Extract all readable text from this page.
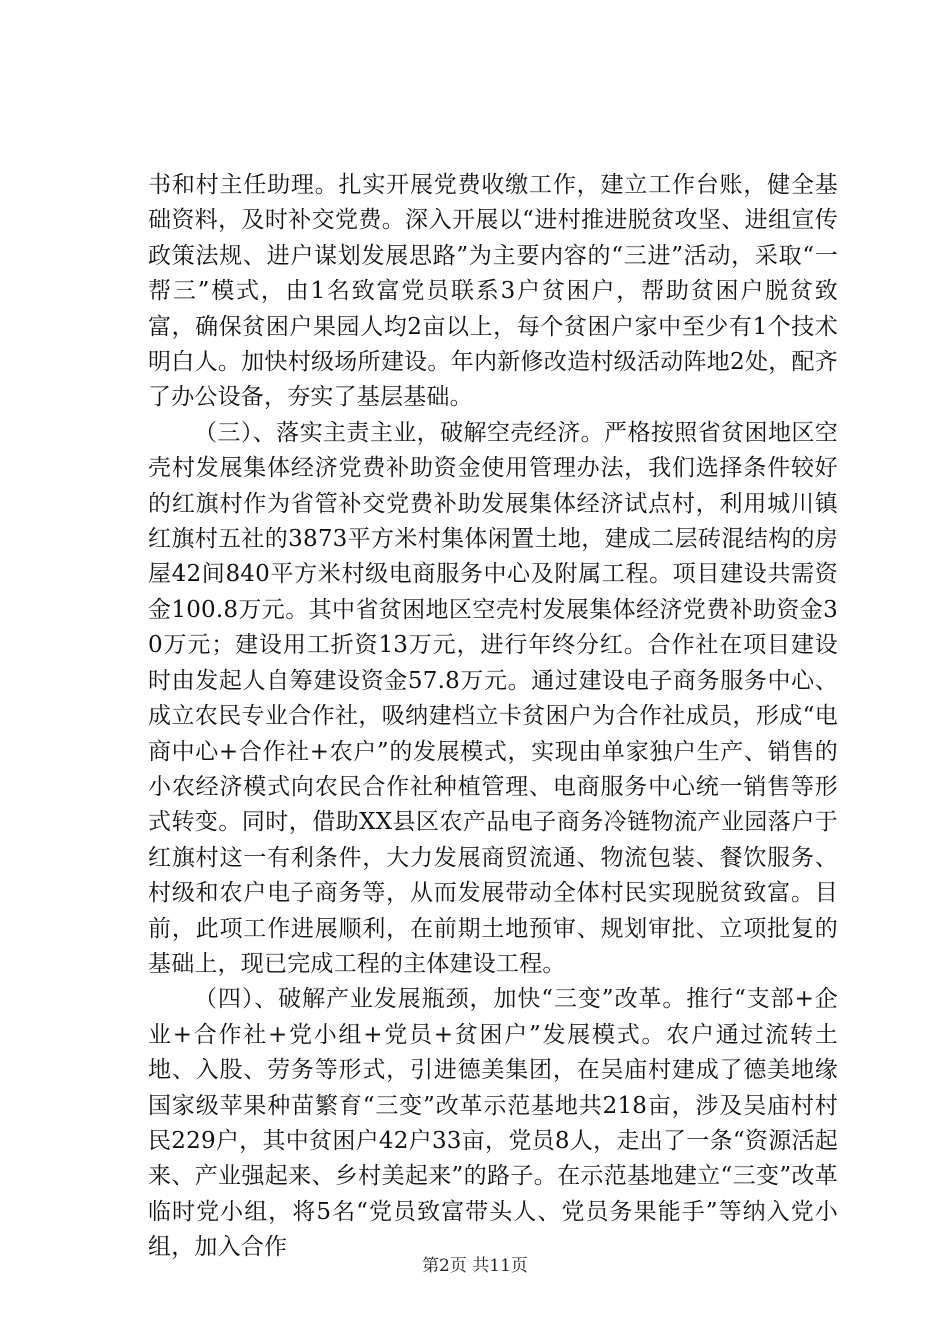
书和村主任助理。扎实开展党费收缴工作，建立工作台账，健全基础资料，及时补交党费。深入开展以“进村推进脱贫攻坚、进组宣传政策法规、进户谋划发展思路”为主要内容的“三进”活动，采取“一帮三”模式，由1名致富党员联系3户贫困户，帮助贫困户脱贫致富，确保贫困户果园人均2亩以上，每个贫困户家中至少有1个技术明白人。加快村级场所建设。年内新修改造村级活动阵地2处，配齐了办公设备，夯实了基层基础。

（三）、落实主责主业，破解空壳经济。严格按照省贫困地区空壳村发展集体经济党费补助资金使用管理办法，我们选择条件较好的红旗村作为省管补交党费补助发展集体经济试点村，利用城川镇红旗村五社的3873平方米村集体闲置土地，建成二层砖混结构的房屋42间840平方米村级电商服务中心及附属工程。项目建设共需资金100.8万元。其中省贫困地区空壳村发展集体经济党费补助资金30万元；建设用工折资13万元，进行年终分红。合作社在项目建设时由发起人自筹建设资金57.8万元。通过建设电子商务服务中心、成立农民专业合作社，吸纳建档立卡贫困户为合作社成员，形成“电商中心+合作社+农户”的发展模式，实现由单家独户生产、销售的小农经济模式向农民合作社种植管理、电商服务中心统一销售等形式转变。同时，借助XX县区农产品电子商务冷链物流产业园落户于红旗村这一有利条件，大力发展商贸流通、物流包装、餐饮服务、村级和农户电子商务等，从而发展带动全体村民实现脱贫致富。目前，此项工作进展顺利，在前期土地预审、规划审批、立项批复的基础上，现已完成工程的主体建设工程。

（四）、破解产业发展瓶颈，加快“三变”改革。推行“支部+企业+合作社+党小组+党员+贫困户”发展模式。农户通过流转土地、入股、劳务等形式，引进德美集团，在吴庙村建成了德美地缘国家级苹果种苗繁育“三变”改革示范基地共218亩，涉及吴庙村村民229户，其中贫困户42户33亩，党员8人，走出了一条“资源活起来、产业强起来、乡村美起来”的路子。在示范基地建立“三变”改革临时党小组，将5名“党员致富带头人、党员务果能手”等纳入党小组，加入合作

第2页 共11页
